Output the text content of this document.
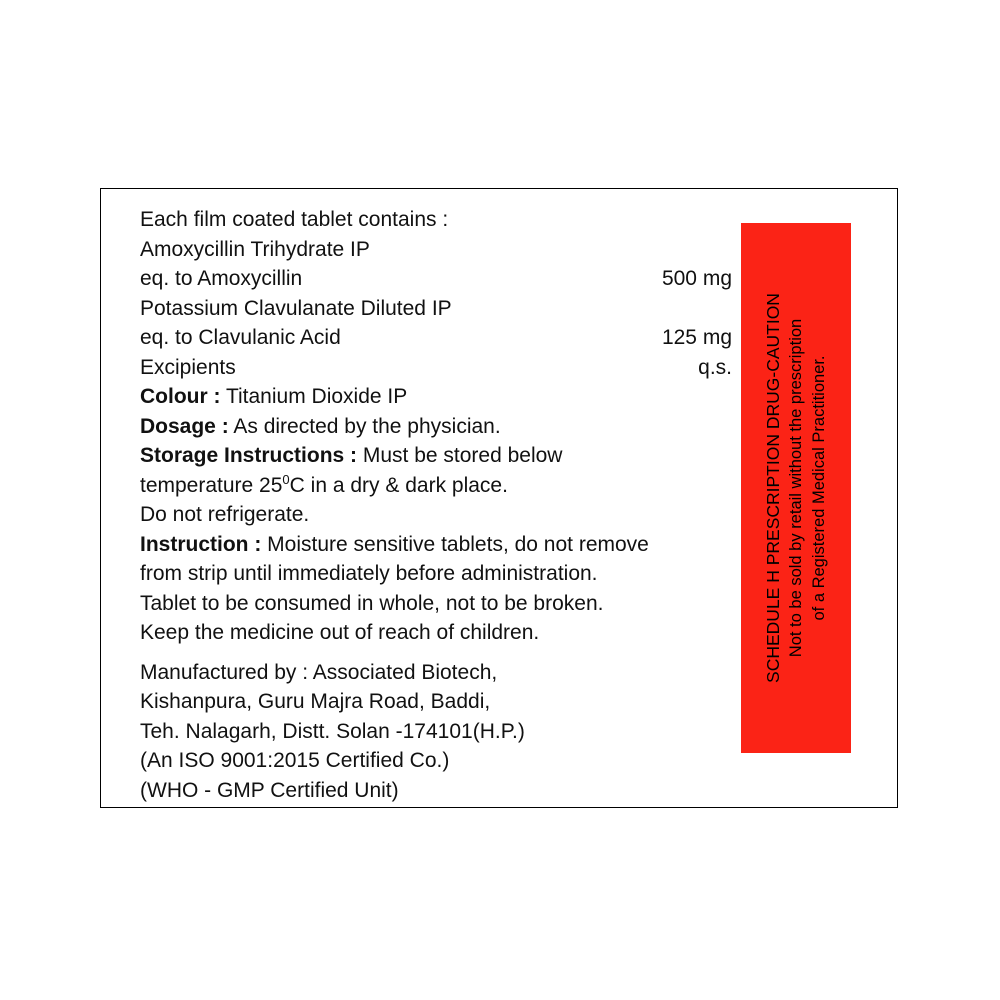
Each film coated tablet contains :
Amoxycillin Trihydrate IP
eq. to Amoxycillin	500 mg
Potassium Clavulanate Diluted IP
eq. to Clavulanic Acid	125 mg
Excipients	q.s.
Colour : Titanium Dioxide IP
Dosage : As directed by the physician.
Storage Instructions : Must be stored below
temperature $25^0C$ in a dry & dark place.
Do not refrigerate.
Instruction : Moisture sensitive tablets, do not remove
from strip until immediately before administration.
Tablet to be consumed in whole, not to be broken.
Keep the medicine out of reach of children.
Manufactured by : Associated Biotech,
Kishanpura, Guru Majra Road, Baddi,
Teh. Nalagarh, Distt. Solan -174101(H.P.)
(An ISO 9001:2015 Certified Co.)
(WHO - GMP Certified Unit)
SCHEDULE H PRESCRIPTION DRUG-CAUTION Not to be sold by retail without the prescription of a Registered Medical Practitioner.
